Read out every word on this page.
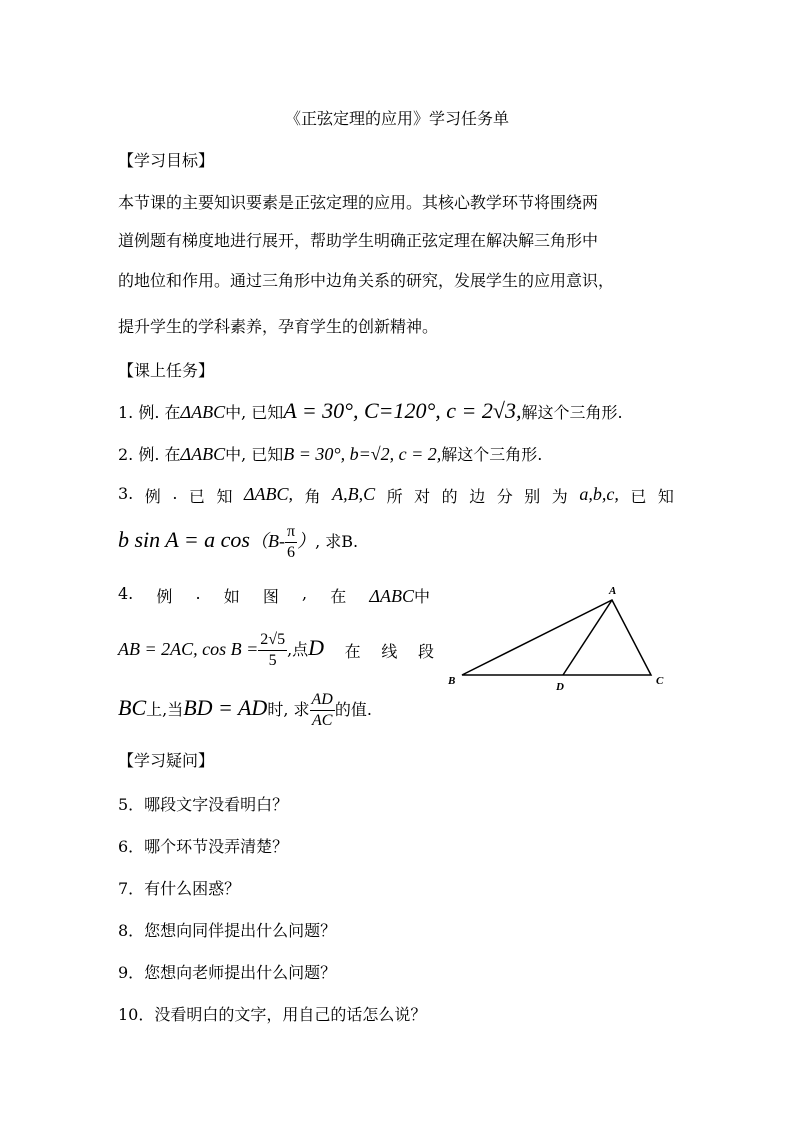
《正弦定理的应用》学习任务单
【学习目标】
本节课的主要知识要素是正弦定理的应用。其核心教学环节将围绕两
道例题有梯度地进行展开，帮助学生明确正弦定理在解决解三角形中
的地位和作用。通过三角形中边角关系的研究，发展学生的应用意识，
提升学生的学科素养，孕育学生的创新精神。
【课上任务】
1. 例. 在ΔABC中, 已知A = 30°, C=120°, c = 2√3,解这个三角形.
2. 例. 在ΔABC中, 已知B = 30°, b=√2, c = 2,解这个三角形.
3. 例 . 已 知 ΔABC, 角 A,B,C 所 对 的 边 分 别 为 a,b,c, 已 知
b sin A = a $\cos(B- \frac{\pi}{6}$ ）, 求B.
4. 例 . 如 图 , 在 ΔABC中
AB = 2AC, $\cos B = \frac{2√5}{5}$ ,点D 在 线 段
BC上,当BD = AD时, 求 $\frac{AD}{AC}$ 的值.
A
B	C
D
【学习疑问】
5．哪段文字没看明白？
6．哪个环节没弄清楚？
7．有什么困惑？
8．您想向同伴提出什么问题？
9．您想向老师提出什么问题？
10．没看明白的文字，用自己的话怎么说？
